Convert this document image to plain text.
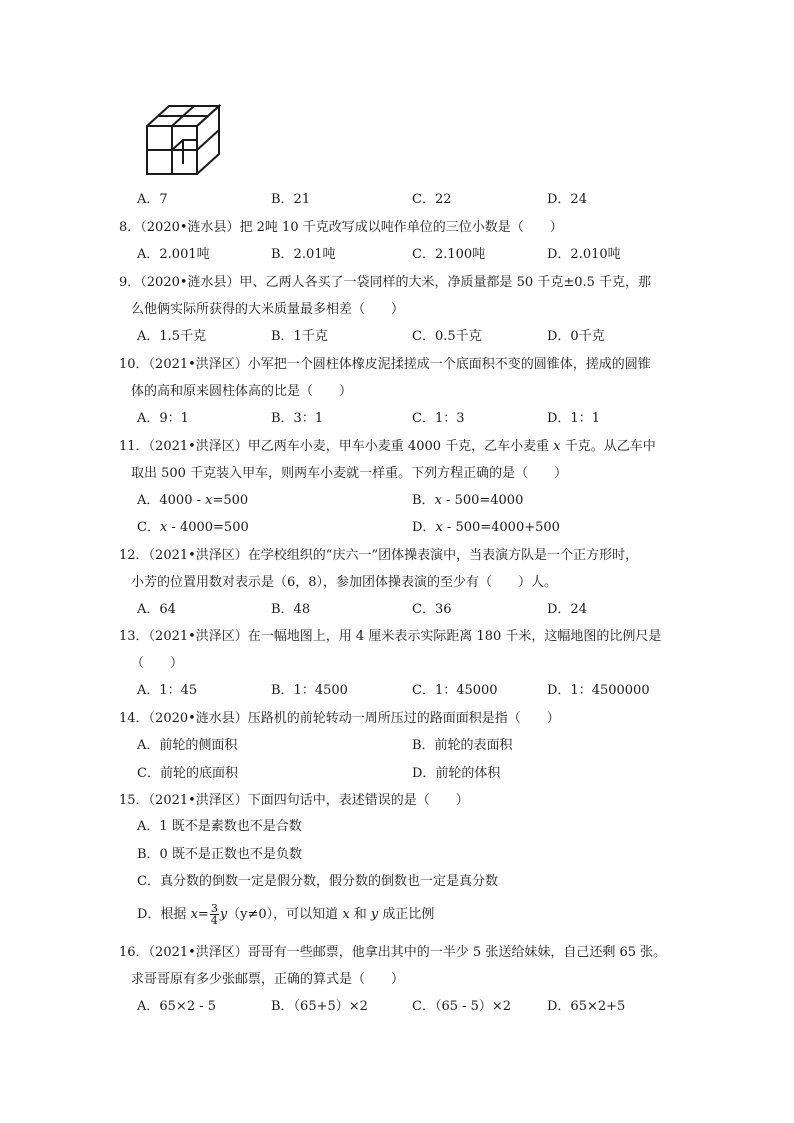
A．7	B．21	C．22	D．24
8．（2020•涟水县）把 2吨 10 千克改写成以吨作单位的三位小数是（　　）
A．2.001吨	B．2.01吨	C．2.100吨	D．2.010吨
9．（2020•涟水县）甲、乙两人各买了一袋同样的大米，净质量都是 50 千克±0.5 千克，那
么他俩实际所获得的大米质量最多相差（　　）
A．1.5千克	B．1千克	C．0.5千克	D．0千克
10．（2021•洪泽区）小军把一个圆柱体橡皮泥揉搓成一个底面积不变的圆锥体，搓成的圆锥
体的高和原来圆柱体高的比是（　　）
A．9：1	B．3：1	C．1：3	D．1：1
11．（2021•洪泽区）甲乙两车小麦，甲车小麦重 4000 千克，乙车小麦重 x 千克。从乙车中
取出 500 千克装入甲车，则两车小麦就一样重。下列方程正确的是（　　）
A．4000 - x=500	B．x - 500=4000
C．x - 4000=500	D．x - 500=4000+500
12．（2021•洪泽区）在学校组织的“庆六一”团体操表演中，当表演方队是一个正方形时，
小芳的位置用数对表示是（6，8），参加团体操表演的至少有（　　）人。
A．64	B．48	C．36	D．24
13．（2021•洪泽区）在一幅地图上，用 4 厘米表示实际距离 180 千米，这幅地图的比例尺是
（　　）
A．1：45	B．1：4500	C．1：45000	D．1：4500000
14．（2020•涟水县）压路机的前轮转动一周所压过的路面面积是指（　　）
A．前轮的侧面积	B．前轮的表面积
C．前轮的底面积	D．前轮的体积
15．（2021•洪泽区）下面四句话中，表述错误的是（　　）
A．1 既不是素数也不是合数
B．0 既不是正数也不是负数
C．真分数的倒数一定是假分数，假分数的倒数也一定是真分数
D．根据 $x= \frac{3}{4} y(y\ne 0)$，可以知道 x 和 y 成正比例
16．（2021•洪泽区）哥哥有一些邮票，他拿出其中的一半少 5 张送给妹妹，自己还剩 65 张。
求哥哥原有多少张邮票，正确的算式是（　　）
A．65×2 - 5	B．（65+5）×2	C．（65 - 5）×2	D．65×2+5
